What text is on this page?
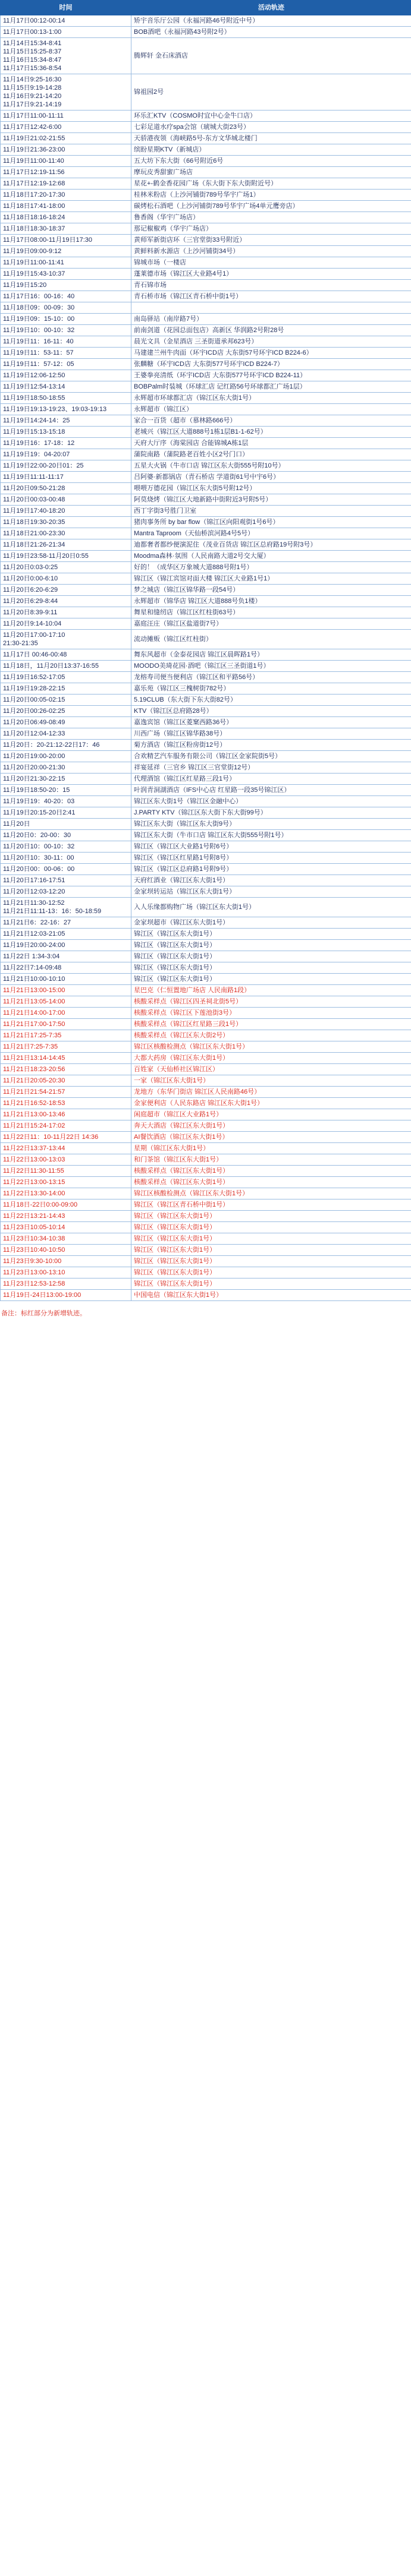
时间	活动轨迹

11月17日00:12-00:14	矫宇音乐厅公园（永福河路46号附近中号）

11月17日00:13-1:00	BOB酒吧（永福河路43号附2号）

11月14日15:34-8:41
11月15日15:25-8:37
11月16日15:34-8:47
11月17日15:36-8:54	腾辉轩 金石床酒店

11月14日9:25-16:30
11月15日9:19-14:28
11月16日9:21-14:20
11月17日9:21-14:19	锦祖园2号

11月17日11:00-11:11	环乐汇KTV（COSMO时宜中心金牛口店）

11月17日12:42-6:00	七彩足道水疗spa会馆（琥城大街23号）

11月19日21:02-21:55	天骄港夜领（海峡路5号-东方文华城北楼门

11月19日21:36-23:00	缤盼星期KTV（新城店）

11月19日11:00-11:40	五大坊下东大街（66号附近6号

11月17日12:19-11:56	摩玩皮秀甜蜜广场店

11月17日12:19-12:68	星花+-鹤金香花园广场（东大街下东大街附近号）

11月18日17:20-17:30	桂林米粉店（上沙河铺街789号华宇广场1）

11月18日17:41-18:00	碳烤松石酒吧（上沙河铺街789号华宇广场4单元鹰旁店）

11月18日18:16-18:24	鲁香阁（华宇广场店）

11月18日18:30-18:37	那记椒椒鸡（华宇广场店）

11月17日08:00-11月19日17:30	黄师军新街店环（三官堂街33号附近）

11月19日09:00-9:12	黄鲜料新水源店（上沙河铺街34号）

11月19日11:00-11:41	锦城市场（一楼店

11月19日15:43-10:37	蓬莱德市场（锦江区大业路4号1）

11月19日15:20	青石锦市场

11月17日16：00-16：40	青石桥市场（锦江区青石桥中街1号）

11月18日09：00-09：30	

11月19日09：15-10：00	南岛驿站（南岸路7号）

11月19日10：00-10：32	前南剑道（花园总面包店）高新区 华润路2号附28号

11月19日11：16-11：40	晨光文具（金星酒店 三圣街道承邦623号）

11月19日11：53-11：57	马建建兰州牛肉面（环宇ICD店 大东街57号环宇ICD B224-6）

11月19日11：57-12：05	张麟糖（环宇ICD店 大东街577号环宇ICD B224-7）

11月19日12:06-12:50	王婆拳亮清纸（环宇ICD店 大东街577号环宇ICD B224-11）

11月19日12:54-13:14	BOBPalm时装城（环球汇店 记红路56号环球都汇广场1层）

11月19日18:50-18:55	永辉超市环球都汇店（锦江区东大街1号）

11月19日19:13-19:23、19:03-19:13	永辉超市（锦江区）

11月19日14:24-14：25	家合一百货（超市（慕林路666号）

11月19日15:13-15:18	老城兴（锦江区大道888号1栋1层B1-1-62号）

11月19日16：17-18：12	天府大厅序（海棠园店 合能锦城A栋1层

11月19日19：04-20:07	蒲院南路（蒲院路老百姓小区2号门口）

11月19日22:00-20日01：25	五星大火锅（牛市口店 锦江区东大街555号附10号）

11月19日11:11-11:17	吕阿婆·新都锅店（青石桥店 学道街61号中宇6号）

11月20日09:50-21:28	喂喂万德花园（锦江区东大街5号附12号）

11月20日00:03-00:48	阿莫烧烤（锦江区大地新路中街附近3号附5号）

11月19日17:40-18:20	西丁字街3号胜门卫室

11月18日19:30-20:35	猪肉事务所 by bar flow（锦江区向阳观街1号6号）

11月18日21:00-23:30	Mantra Taproom（天仙桥滨河路4号5号）

11月18日21:26-21:34	迪都奢者都纱便演泥住（茂业百货店 锦江区总府路19号附3号）

11月19日23:58-11月20日0:55	Moodma森林·氛围（人民南路大道2号交大厦）

11月20日0:03-0:25	好的！（成华区万象城大道888号附1号）

11月20日0:00-6:10	锦江区（锦江宾馆对面大楼 锦江区大业路1号1）

11月20日6:20-6:29	梦之城店（锦江区锦华路一段54号）

11月20日6:29-8:44	永辉超市（锦华店 锦江区大道888号负1楼）

11月20日8:39-9:11	舞星和缝纫店（锦江区红柱街63号）

11月20日9:14-10:04	嘉庭汪庄（锦江区盐道街7号）

11月20日17:00-17:10
21:30-21:35	流动摊贩（锦江区红柱街）

11月17日 00:46-00:48	舞东风超市（金泰花园店 锦江区晨晖路1号）

11月18日，11月20日13:37-16:55	MOODO美琦花园·酒吧（锦江区三圣街道1号）

11月19日16:52-17:05	龙榕寿司便当便利店（锦江区和平路56号）

11月19日19:28-22:15	嘉乐苑（锦江区三槐树街782号）

11月20日00:05-02:15	5.19CLUB（东大街下东大街82号）

11月20日00:26-02:25	KTV（锦江区总府路28号）

11月20日06:49-08:49	嘉逸宾馆（锦江区菱窠西路36号）

11月20日12:04-12:33	川西广场（锦江区锦华路38号）

11月20日：20-21:12-22日17：46	菊方酒店（锦江区粉房街12号）

11月20日19:00-20:00	合欢精艺汽车服务有限公司（锦江区金家院街5号）

11月20日20:00-21:30	祥宴延祥（三官乡 锦江区三官堂街12号）

11月20日21:30-22:15	代理酒馆（锦江区红星路三段1号）

11月19日18:50-20：15	叶润青洞湖酒店（IFS中心店 红星路一段35号锦江区）

11月19日19：40-20：03	锦江区东大街1号（锦江区金融中心）

11月19日20:15-20日2:41	J.PARTY KTV（锦江区东大街下东大街99号）

11月20日	锦江区东大街（锦江区东大街9号）

11月20日0：20-00：30	锦江区东大街（牛市口店 锦江区东大街555号附1号）

11月20日10：00-10：32	锦江区（锦江区大业路1号附6号）

11月20日10：30-11：00	锦江区（锦江区红星路1号附8号）

11月20日00：00-06：00	锦江区（锦江区总府路1号附9号）

11月20日17:16-17:51	天府红酒业（锦江区东大街1号）

11月20日12:03-12:20	金家坝转运站（锦江区东大街1号）

11月21日11:30-12:52
11月21日11:11-13：16：50-18:59	入人乐缘都购物广场（锦江区东大街1号）

11月21日6：22-16：27	金家坝超市（锦江区东大街1号）

11月21日12:03-21:05	锦江区（锦江区东大街1号）

11月19日20:00-24:00	锦江区（锦江区东大街1号）

11月22日 1:34-3:04	锦江区（锦江区东大街1号）

11月22日7:14-09:48	锦江区（锦江区东大街1号）

11月21日10:00-10:10	锦江区（锦江区东大街1号）

11月21日13:00-15:00	星巴克（仁恒置地广场店 人民南路1段）

11月21日13:05-14:00	核酸采样点（锦江区四圣祠北街5号）

11月21日14:00-17:00	核酸采样点（锦江区下莲池街3号）

11月21日17:00-17:50	核酸采样点（锦江区红星路三段1号）

11月21日17:25-7:35	核酸采样点（锦江区东大街2号）

11月21日7:25-7:35	锦江区核酸检测点（锦江区东大街1号）

11月21日13:14-14:45	大都大药房（锦江区东大街1号）

11月21日18:23-20:56	百姓家（天仙桥社区锦江区）

11月21日20:05-20:30	一家（锦江区东大街1号）

11月21日21:54-21:57	龙地方（东华门街店 锦江区人民南路46号）

11月21日16:52-18:53	金家便利店（人民东路店 锦江区东大街1号）

11月21日13:00-13:46	闲庭超市（锦江区大业路1号）

11月21日15:24-17:02	奔天大酒店（锦江区东大街1号）

11月22日11：10-11月22日 14:36	AI餐饮酒店（锦江区东大街1号）

11月22日13:37-13:44	星期（锦江区东大街1号）

11月22日13:00-13:03	和门茶馆（锦江区东大街1号）

11月22日11:30-11:55	核酸采样点（锦江区东大街1号）

11月22日13:00-13:15	核酸采样点（锦江区东大街1号）

11月22日13:30-14:00	锦江区核酸检测点（锦江区东大街1号）

11月18日-22日0:00-09:00	锦江区（锦江区青石桥中街1号）

11月22日13:21-14:43	锦江区（锦江区东大街1号）

11月23日10:05-10:14	锦江区（锦江区东大街1号）

11月23日10:34-10:38	锦江区（锦江区东大街1号）

11月23日10:40-10:50	锦江区（锦江区东大街1号）

11月23日9:30-10:00	锦江区（锦江区东大街1号）

11月23日13:00-13:10	锦江区（锦江区东大街1号）

11月23日12:53-12:58	锦江区（锦江区东大街1号）

11月19日-24日13:00-19:00	中国电信（锦江区东大街1号）
备注：标红部分为新增轨迹。
